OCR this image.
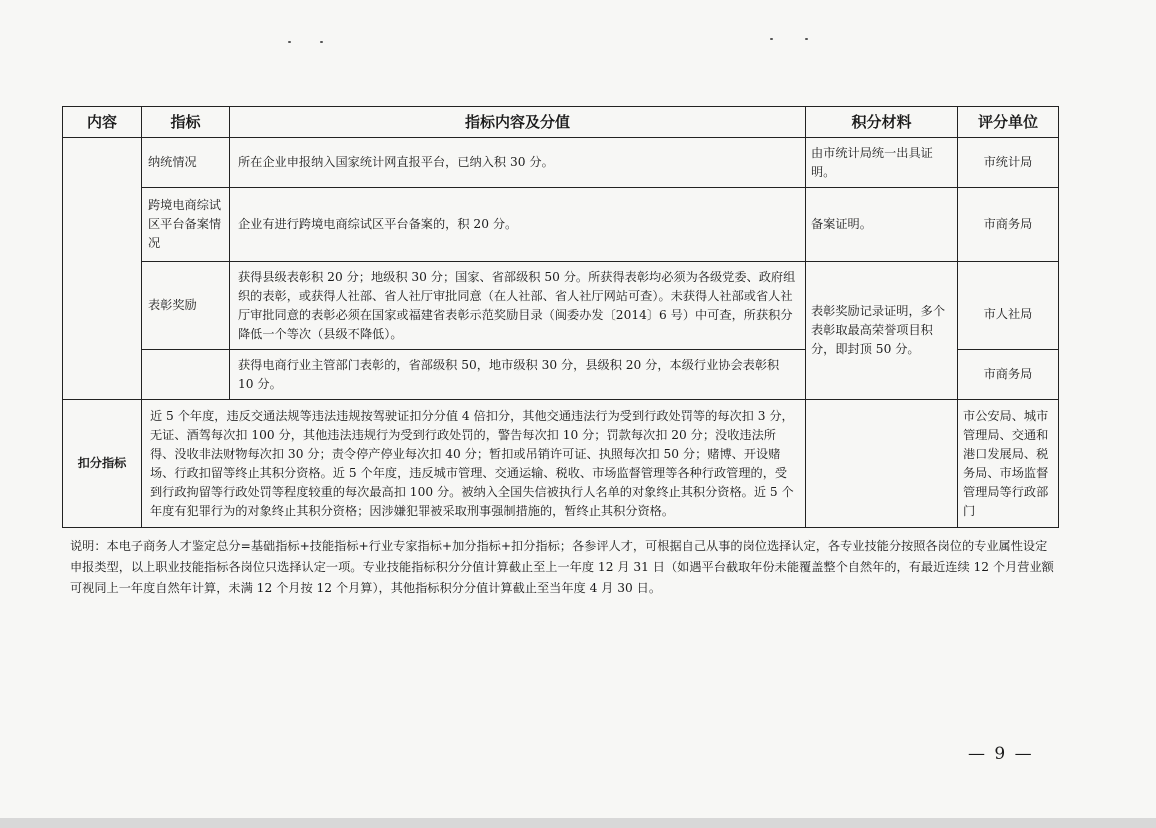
内容	指标	指标内容及分值	积分材料	评分单位
	纳统情况	所在企业申报纳入国家统计网直报平台，已纳入积 30 分。	由市统计局统一出具证明。	市统计局
	跨境电商综试区平台备案情况	企业有进行跨境电商综试区平台备案的，积 20 分。	备案证明。	市商务局
	表彰奖励	获得县级表彰积 20 分；地级积 30 分；国家、省部级积 50 分。所获得表彰均必须为各级党委、政府组织的表彰，或获得人社部、省人社厅审批同意（在人社部、省人社厅网站可查）。未获得人社部或省人社厅审批同意的表彰必须在国家或福建省表彰示范奖励目录（闽委办发〔2014〕6 号）中可查，所获积分降低一个等次（县级不降低）。	表彰奖励记录证明，多个表彰取最高荣誉项目积分，即封顶 50 分。	市人社局
		获得电商行业主管部门表彰的，省部级积 50，地市级积 30 分，县级积 20 分，本级行业协会表彰积 10 分。		市商务局
扣分指标	近 5 个年度，违反交通法规等违法违规按驾驶证扣分分值 4 倍扣分，其他交通违法行为受到行政处罚等的每次扣 3 分，无证、酒驾每次扣 100 分，其他违法违规行为受到行政处罚的，警告每次扣 10 分；罚款每次扣 20 分；没收违法所得、没收非法财物每次扣 30 分；责令停产停业每次扣 40 分；暂扣或吊销许可证、执照每次扣 50 分；赌博、开设赌场、行政扣留等终止其积分资格。近 5 个年度，违反城市管理、交通运输、税收、市场监督管理等各种行政管理的，受到行政拘留等行政处罚等程度较重的每次最高扣 100 分。被纳入全国失信被执行人名单的对象终止其积分资格。近 5 个年度有犯罪行为的对象终止其积分资格；因涉嫌犯罪被采取刑事强制措施的，暂终止其积分资格。			市公安局、城市管理局、交通和港口发展局、税务局、市场监督管理局等行政部门
说明：本电子商务人才鉴定总分=基础指标+技能指标+行业专家指标+加分指标+扣分指标；各参评人才，可根据自己从事的岗位选择认定，各专业技能分按照各岗位的专业属性设定申报类型，以上职业技能指标各岗位只选择认定一项。专业技能指标积分分值计算截止至上一年度 12 月 31 日（如遇平台截取年份未能覆盖整个自然年的，有最近连续 12 个月营业额可视同上一年度自然年计算，未满 12 个月按 12 个月算），其他指标积分分值计算截止至当年度 4 月 30 日。
— 9 —
